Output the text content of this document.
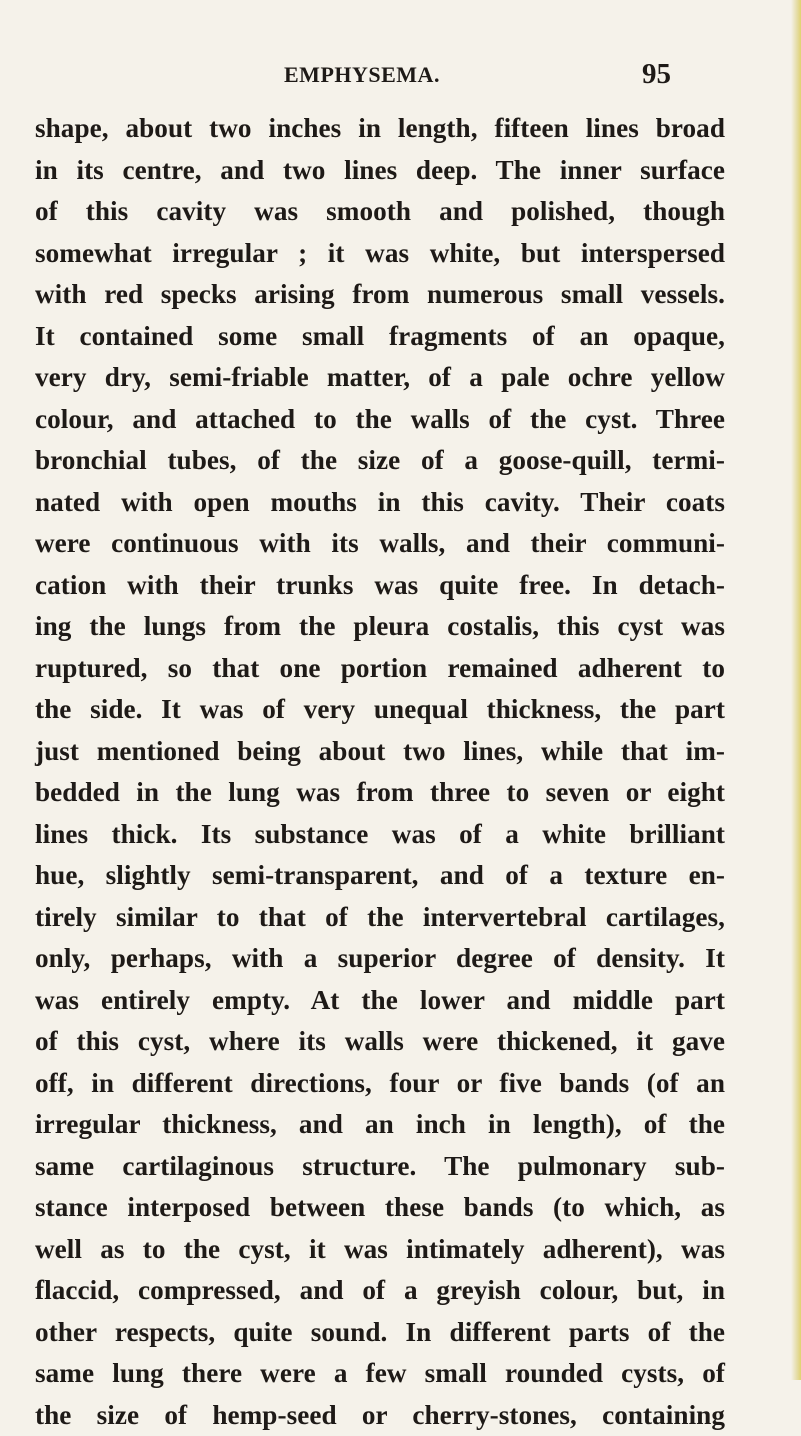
EMPHYSEMA.	95
shape, about two inches in length, fifteen lines broad
in its centre, and two lines deep. The inner surface
of this cavity was smooth and polished, though
somewhat irregular ; it was white, but interspersed
with red specks arising from numerous small vessels.
It contained some small fragments of an opaque,
very dry, semi-friable matter, of a pale ochre yellow
colour, and attached to the walls of the cyst. Three
bronchial tubes, of the size of a goose-quill, termi-
nated with open mouths in this cavity. Their coats
were continuous with its walls, and their communi-
cation with their trunks was quite free. In detach-
ing the lungs from the pleura costalis, this cyst was
ruptured, so that one portion remained adherent to
the side. It was of very unequal thickness, the part
just mentioned being about two lines, while that im-
bedded in the lung was from three to seven or eight
lines thick. Its substance was of a white brilliant
hue, slightly semi-transparent, and of a texture en-
tirely similar to that of the intervertebral cartilages,
only, perhaps, with a superior degree of density. It
was entirely empty. At the lower and middle part
of this cyst, where its walls were thickened, it gave
off, in different directions, four or five bands (of an
irregular thickness, and an inch in length), of the
same cartilaginous structure. The pulmonary sub-
stance interposed between these bands (to which, as
well as to the cyst, it was intimately adherent), was
flaccid, compressed, and of a greyish colour, but, in
other respects, quite sound. In different parts of the
same lung there were a few small rounded cysts, of
the size of hemp-seed or cherry-stones, containing
